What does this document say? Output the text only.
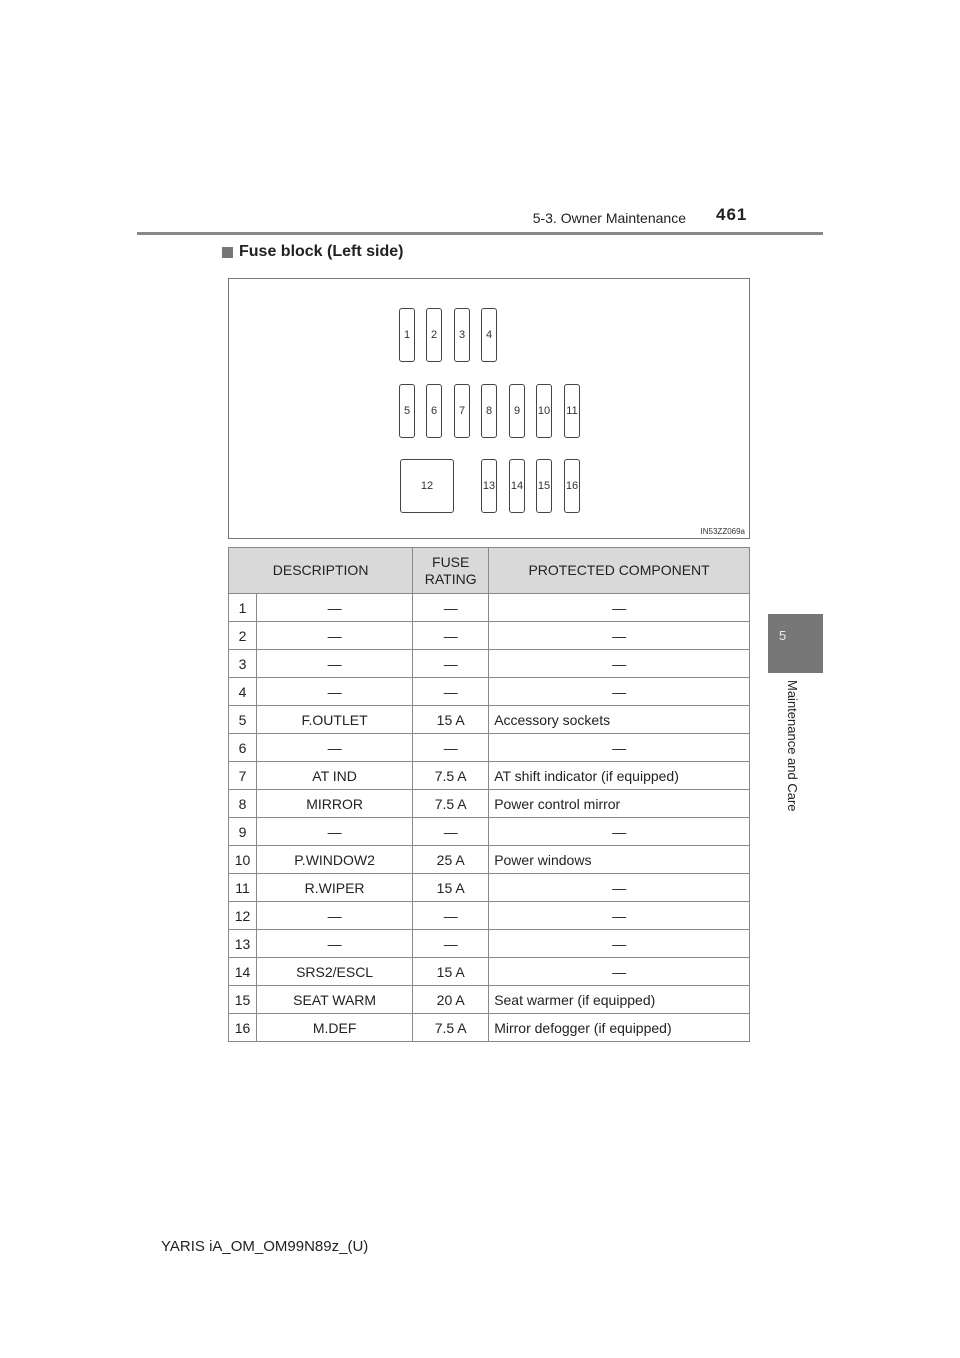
5-3. Owner Maintenance 461
Fuse block (Left side)
1	2	3	4
5	6	7	8	9	10 11
12	13 14 15 16
IN53ZZ069a
DESCRIPTION		FUSE RATING	PROTECTED COMPONENT
1	—	—	—
2	—	—	—
3	—	—	—
4	—	—	—
5	F.OUTLET	15 A	Accessory sockets
6	—	—	—
7	AT IND	7.5 A	AT shift indicator (if equipped)
8	MIRROR	7.5 A	Power control mirror
9	—	—	—
10	P.WINDOW2	25 A	Power windows
11	R.WIPER	15 A	—
12	—	—	—
13	—	—	—
14	SRS2/ESCL	15 A	—
15	SEAT WARM	20 A	Seat warmer (if equipped)
16	M.DEF	7.5 A	Mirror defogger (if equipped)
5
Maintenance and Care
YARIS iA_OM_OM99N89z_(U)
